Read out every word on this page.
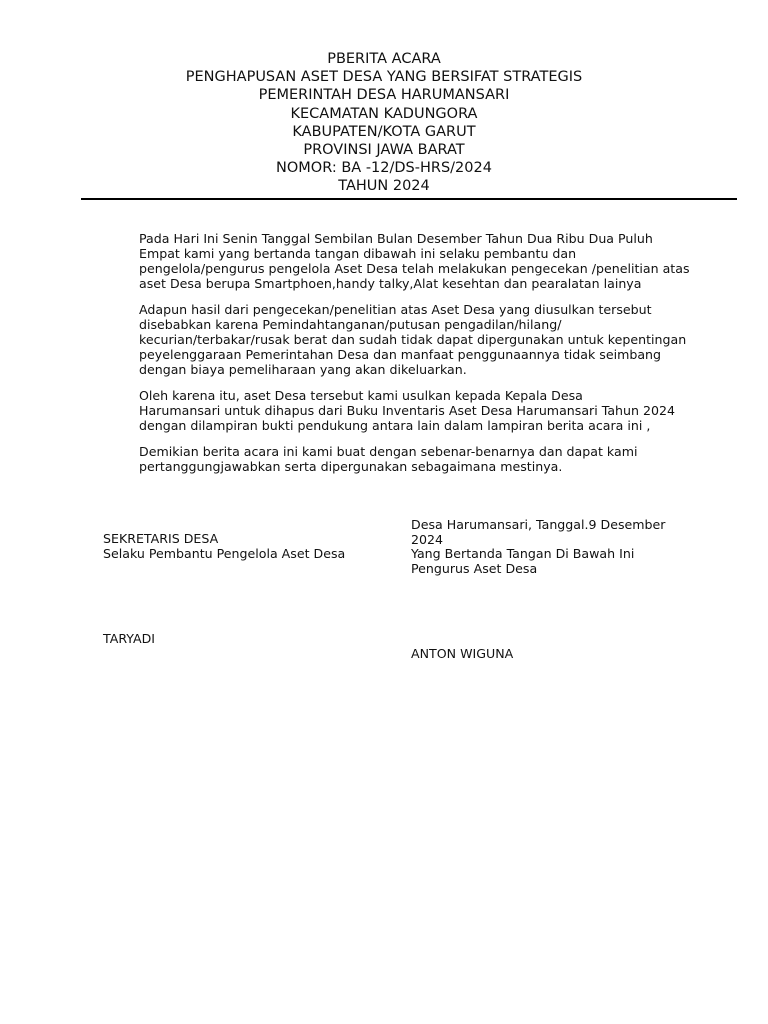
PBERITA ACARA
PENGHAPUSAN ASET DESA YANG BERSIFAT STRATEGIS
PEMERINTAH DESA HARUMANSARI
KECAMATAN KADUNGORA
KABUPATEN/KOTA GARUT
PROVINSI JAWA BARAT
NOMOR: BA -12/DS-HRS/2024
TAHUN 2024

Pada Hari Ini Senin Tanggal Sembilan Bulan Desember Tahun Dua Ribu Dua Puluh
Empat kami yang bertanda tangan dibawah ini selaku pembantu dan
pengelola/pengurus pengelola Aset Desa telah melakukan pengecekan /penelitian atas
aset Desa berupa Smartphoen,handy talky,Alat kesehtan dan pearalatan lainya

Adapun hasil dari pengecekan/penelitian atas Aset Desa yang diusulkan tersebut
disebabkan karena Pemindahtanganan/putusan pengadilan/hilang/
kecurian/terbakar/rusak berat dan sudah tidak dapat dipergunakan untuk kepentingan
peyelenggaraan Pemerintahan Desa dan manfaat penggunaannya tidak seimbang
dengan biaya pemeliharaan yang akan dikeluarkan.

Oleh karena itu, aset Desa tersebut kami usulkan kepada Kepala Desa
Harumansari untuk dihapus dari Buku Inventaris Aset Desa Harumansari Tahun 2024
dengan dilampiran bukti pendukung antara lain dalam lampiran berita acara ini ,

Demikian berita acara ini kami buat dengan sebenar-benarnya dan dapat kami
pertanggungjawabkan serta dipergunakan sebagaimana mestinya.

SEKRETARIS DESA
Selaku Pembantu Pengelola Aset Desa
Desa Harumansari, Tanggal.9 Desember
2024
Yang Bertanda Tangan Di Bawah Ini
Pengurus Aset Desa
TARYADI
ANTON WIGUNA
